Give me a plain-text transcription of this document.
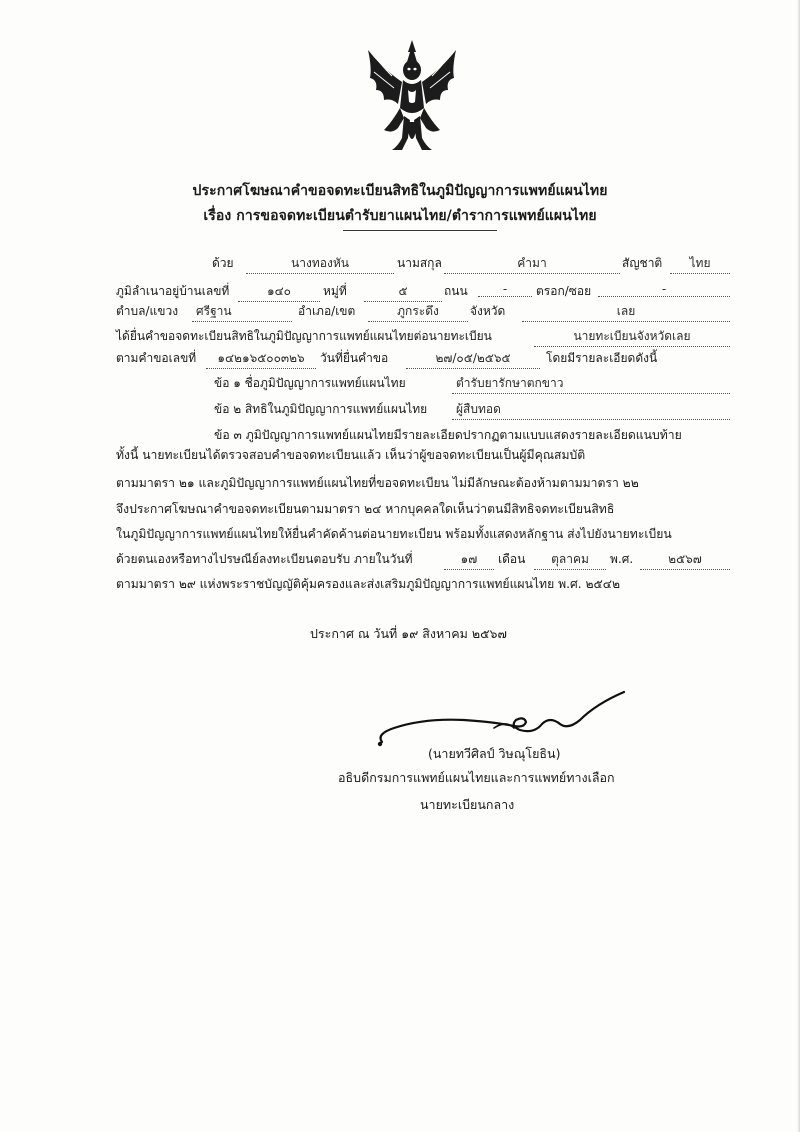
ประกาศโฆษณาคำขอจดทะเบียนสิทธิในภูมิปัญญาการแพทย์แผนไทย
เรื่อง การขอจดทะเบียนตำรับยาแผนไทย/ตำราการแพทย์แผนไทย
ด้วย	นางทองหัน	นามสกุล	คำมา	สัญชาติ	ไทย
ภูมิลำเนาอยู่บ้านเลขที่	๑๔๐	หมู่ที่	๕	ถนน	-	ตรอก/ซอย	-
ตำบล/แขวง	ศรีฐาน	อำเภอ/เขต	ภูกระดึง	จังหวัด	เลย
ได้ยื่นคำขอจดทะเบียนสิทธิในภูมิปัญญาการแพทย์แผนไทยต่อนายทะเบียน	นายทะเบียนจังหวัดเลย
ตามคำขอเลขที่	๑๔๒๑๖๕๐๐๓๒๖	วันที่ยื่นคำขอ	๒๗/๐๕/๒๕๖๕	โดยมีรายละเอียดดังนี้
ข้อ ๑ ชื่อภูมิปัญญาการแพทย์แผนไทย	ตำรับยารักษาตกขาว
ข้อ ๒ สิทธิในภูมิปัญญาการแพทย์แผนไทย	ผู้สืบทอด
ข้อ ๓ ภูมิปัญญาการแพทย์แผนไทยมีรายละเอียดปรากฏตามแบบแสดงรายละเอียดแนบท้าย
ทั้งนี้ นายทะเบียนได้ตรวจสอบคำขอจดทะเบียนแล้ว เห็นว่าผู้ขอจดทะเบียนเป็นผู้มีคุณสมบัติ
ตามมาตรา ๒๑ และภูมิปัญญาการแพทย์แผนไทยที่ขอจดทะเบียน ไม่มีลักษณะต้องห้ามตามมาตรา ๒๒
จึงประกาศโฆษณาคำขอจดทะเบียนตามมาตรา ๒๔ หากบุคคลใดเห็นว่าตนมีสิทธิจดทะเบียนสิทธิ
ในภูมิปัญญาการแพทย์แผนไทยให้ยื่นคำคัดค้านต่อนายทะเบียน พร้อมทั้งแสดงหลักฐาน ส่งไปยังนายทะเบียน
ด้วยตนเองหรือทางไปรษณีย์ลงทะเบียนตอบรับ ภายในวันที่	๑๗	เดือน	ตุลาคม	พ.ศ.	๒๕๖๗
ตามมาตรา ๒๙ แห่งพระราชบัญญัติคุ้มครองและส่งเสริมภูมิปัญญาการแพทย์แผนไทย พ.ศ. ๒๕๔๒
ประกาศ ณ วันที่ ๑๙ สิงหาคม ๒๕๖๗
(นายทวีศิลป์ วิษณุโยธิน)
อธิบดีกรมการแพทย์แผนไทยและการแพทย์ทางเลือก
นายทะเบียนกลาง
